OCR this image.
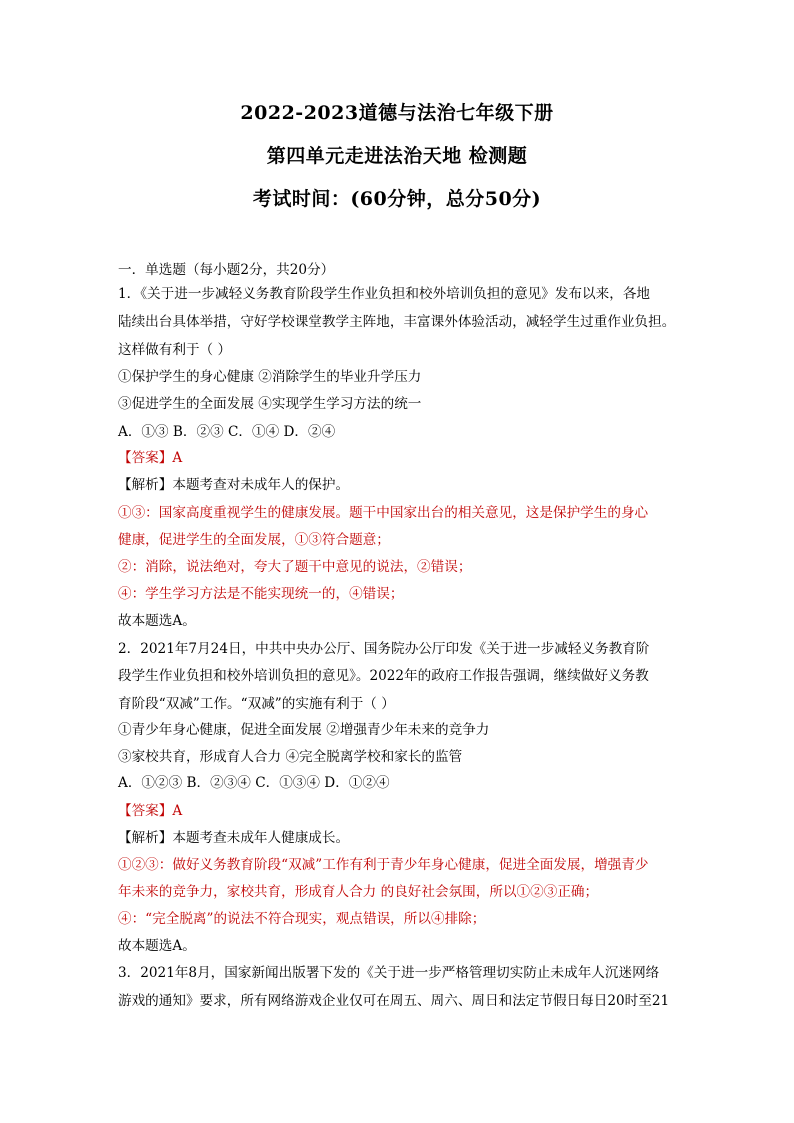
2022-2023道德与法治七年级下册
第四单元走进法治天地 检测题
考试时间：(60分钟，总分50分)
一．单选题（每小题2分，共20分）
1．《关于进一步减轻义务教育阶段学生作业负担和校外培训负担的意见》发布以来，各地
陆续出台具体举措，守好学校课堂教学主阵地，丰富课外体验活动，减轻学生过重作业负担。
这样做有利于（ ）
①保护学生的身心健康 ②消除学生的毕业升学压力
③促进学生的全面发展 ④实现学生学习方法的统一
A．①③ B．②③ C．①④ D．②④
【答案】A
【解析】本题考查对未成年人的保护。
①③：国家高度重视学生的健康发展。题干中国家出台的相关意见，这是保护学生的身心
健康，促进学生的全面发展，①③符合题意；
②：消除，说法绝对，夸大了题干中意见的说法，②错误；
④：学生学习方法是不能实现统一的，④错误；
故本题选A。
2．2021年7月24日，中共中央办公厅、国务院办公厅印发《关于进一步减轻义务教育阶
段学生作业负担和校外培训负担的意见》。2022年的政府工作报告强调，继续做好义务教
育阶段“双减”工作。“双减”的实施有利于（ ）
①青少年身心健康，促进全面发展 ②增强青少年未来的竞争力
③家校共育，形成育人合力 ④完全脱离学校和家长的监管
A．①②③ B．②③④ C．①③④ D．①②④
【答案】A
【解析】本题考查未成年人健康成长。
①②③：做好义务教育阶段“双减”工作有利于青少年身心健康，促进全面发展，增强青少
年未来的竞争力，家校共育，形成育人合力 的良好社会氛围，所以①②③正确；
④：“完全脱离”的说法不符合现实，观点错误，所以④排除；
故本题选A。
3．2021年8月，国家新闻出版署下发的《关于进一步严格管理切实防止未成年人沉迷网络
游戏的通知》要求，所有网络游戏企业仅可在周五、周六、周日和法定节假日每日20时至21
